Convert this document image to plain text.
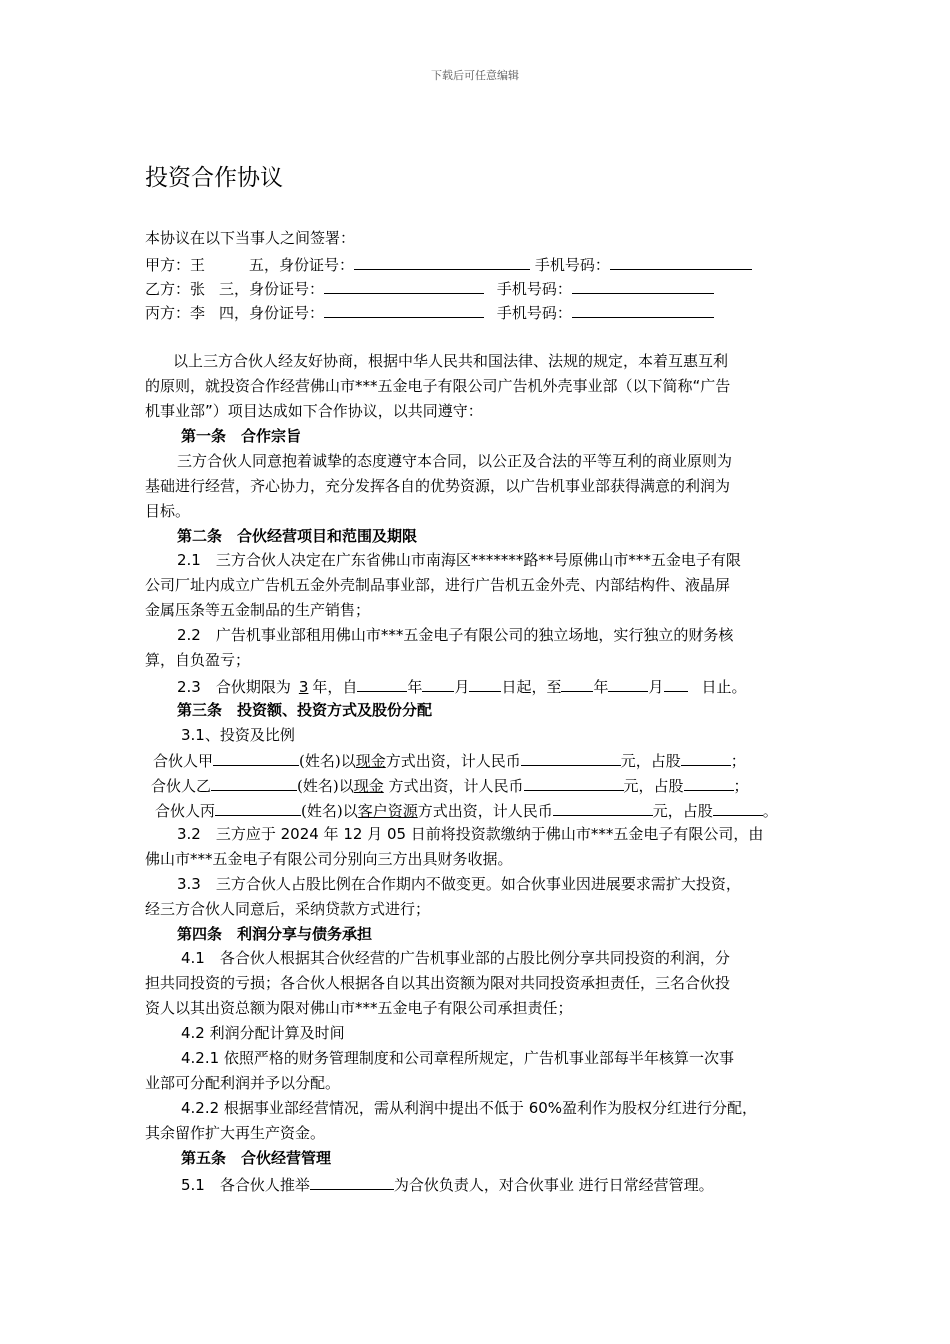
下载后可任意编辑
投资合作协议
本协议在以下当事人之间签署：
甲方：王	五，身份证号：	手机号码：
乙方：张 三，身份证号：	手机号码：
丙方：李 四，身份证号：	手机号码：
以上三方合伙人经友好协商，根据中华人民共和国法律、法规的规定，本着互惠互利
的原则，就投资合作经营佛山市***五金电子有限公司广告机外壳事业部（以下简称“广告
机事业部”）项目达成如下合作协议，以共同遵守：
第一条　合作宗旨
三方合伙人同意抱着诚挚的态度遵守本合同，以公正及合法的平等互利的商业原则为
基础进行经营，齐心协力，充分发挥各自的优势资源，以广告机事业部获得满意的利润为
目标。
第二条　合伙经营项目和范围及期限
2.1　三方合伙人决定在广东省佛山市南海区*******路**号原佛山市***五金电子有限
公司厂址内成立广告机五金外壳制品事业部，进行广告机五金外壳、内部结构件、液晶屏
金属压条等五金制品的生产销售；
2.2　广告机事业部租用佛山市***五金电子有限公司的独立场地，实行独立的财务核
算，自负盈亏；
2.3　合伙期限为 3 年，自	年 月 日起，至 年	月	日止。
第三条　投资额、投资方式及股份分配
3.1、投资及比例
合伙人甲	(姓名)以现金方式出资，计人民币	元，占股	；
合伙人乙	(姓名)以现金 方式出资，计人民币	元，占股	；
合伙人丙	(姓名)以客户资源方式出资，计人民币	元，占股	。
3.2　三方应于 2024 年 12 月 05 日前将投资款缴纳于佛山市***五金电子有限公司，由
佛山市***五金电子有限公司分别向三方出具财务收据。
3.3　三方合伙人占股比例在合作期内不做变更。如合伙事业因进展要求需扩大投资，
经三方合伙人同意后，采纳贷款方式进行；
第四条　利润分享与债务承担
4.1　各合伙人根据其合伙经营的广告机事业部的占股比例分享共同投资的利润，分
担共同投资的亏损；各合伙人根据各自以其出资额为限对共同投资承担责任，三名合伙投
资人以其出资总额为限对佛山市***五金电子有限公司承担责任；
4.2 利润分配计算及时间
4.2.1 依照严格的财务管理制度和公司章程所规定，广告机事业部每半年核算一次事
业部可分配利润并予以分配。
4.2.2 根据事业部经营情况，需从利润中提出不低于 60%盈利作为股权分红进行分配，
其余留作扩大再生产资金。
第五条　合伙经营管理
5.1　各合伙人推举	为合伙负责人，对合伙事业 进行日常经营管理。
